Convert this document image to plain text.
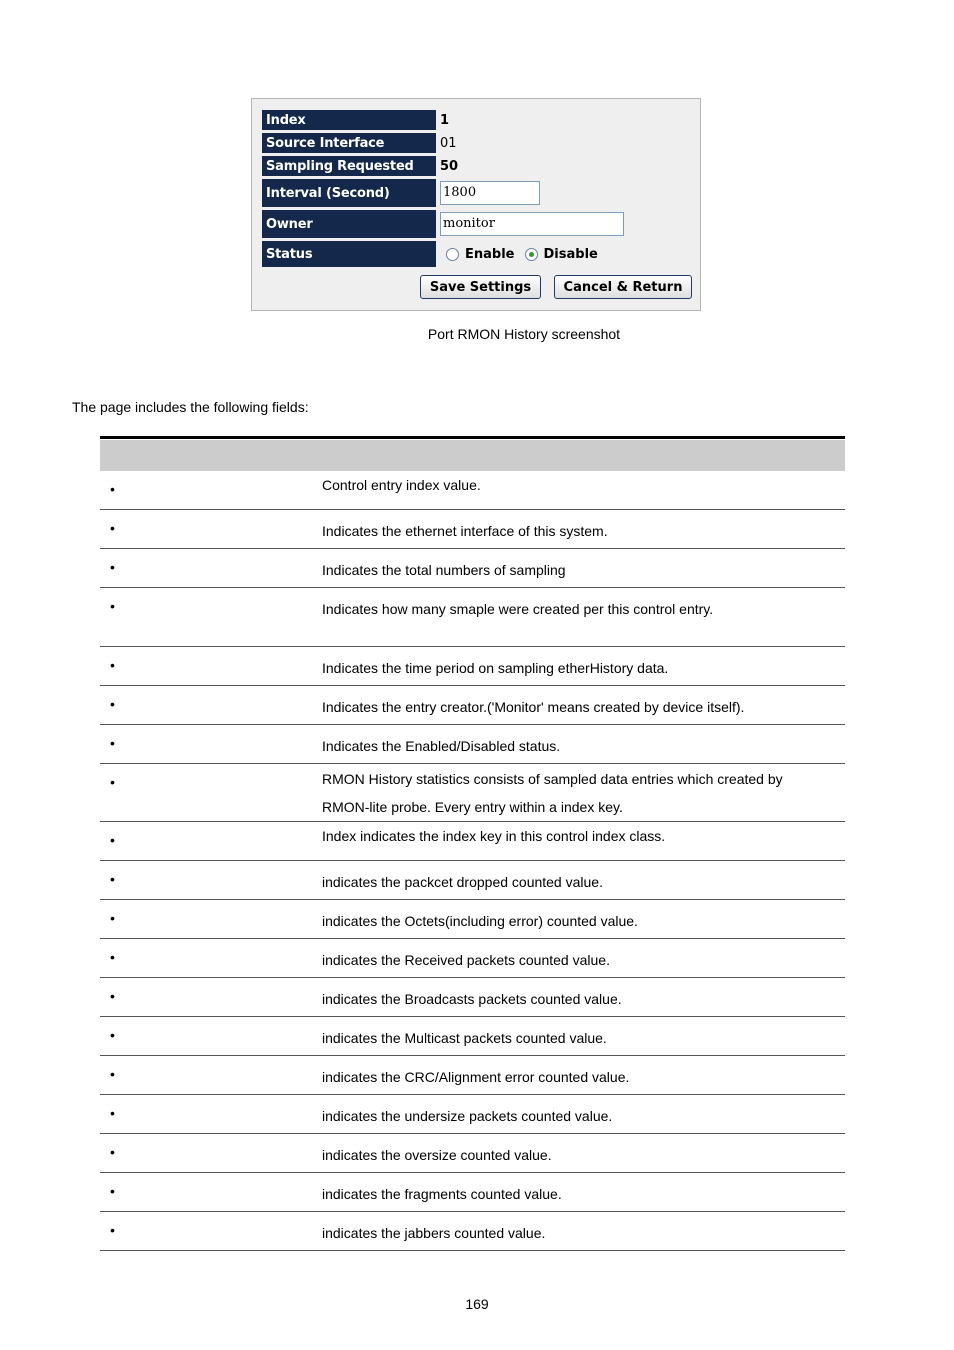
Index	1
Source Interface	01
Sampling Requested	50
Interval (Second)	1800
Owner	monitor
Status	Enable Disable
Save Settings	Cancel & Return
Port RMON History screenshot
The page includes the following fields:
•	Control entry index value.
•	Indicates the ethernet interface of this system.
•	Indicates the total numbers of sampling
•	Indicates how many smaple were created per this control entry.
•	Indicates the time period on sampling etherHistory data.
•	Indicates the entry creator.('Monitor' means created by device itself).
•	Indicates the Enabled/Disabled status.
•	RMON History statistics consists of sampled data entries which created by RMON-lite probe. Every entry within a index key.
•	Index indicates the index key in this control index class.
•	indicates the packcet dropped counted value.
•	indicates the Octets(including error) counted value.
•	indicates the Received packets counted value.
•	indicates the Broadcasts packets counted value.
•	indicates the Multicast packets counted value.
•	indicates the CRC/Alignment error counted value.
•	indicates the undersize packets counted value.
•	indicates the oversize counted value.
•	indicates the fragments counted value.
•	indicates the jabbers counted value.
169
